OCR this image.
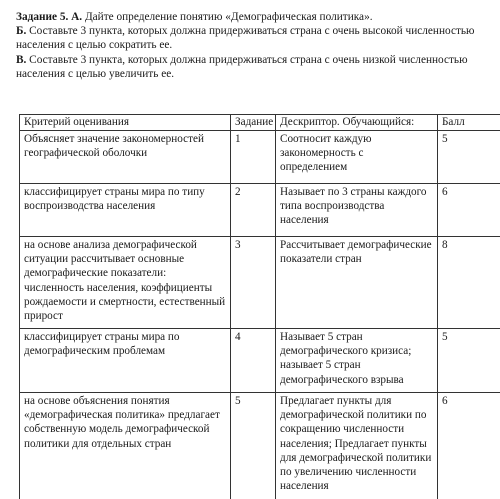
Задание 5. А. Дайте определение понятию «Демографическая политика».

Б. Составьте 3 пункта, которых должна придерживаться страна с очень высокой численностью населения с целью сократить ее.

В. Составьте 3 пункта, которых должна придерживаться страна с очень низкой численностью населения с целью увеличить ее.

Критерий оценивания	Задание	Дескриптор. Обучающийся:	Балл
Объясняет значение закономерностей географической оболочки	1	Соотносит каждую закономерность с определением	5
классифицирует страны мира по типу воспроизводства населения	2	Называет по 3 страны каждого типа воспроизводства населения	6
на основе анализа демографической ситуации рассчитывает основные демографические показатели: численность населения, коэффициенты рождаемости и смертности, естественный прирост	3	Рассчитывает демографические показатели стран	8
классифицирует страны мира по демографическим проблемам	4	Называет 5 стран демографического кризиса; называет 5 стран демографического взрыва	5
на основе объяснения понятия «демографическая политика» предлагает собственную модель демографической политики для отдельных стран	5	Предлагает пункты для демографической политики по сокращению численности населения; Предлагает пункты для демографической политики по увеличению численности населения	6
